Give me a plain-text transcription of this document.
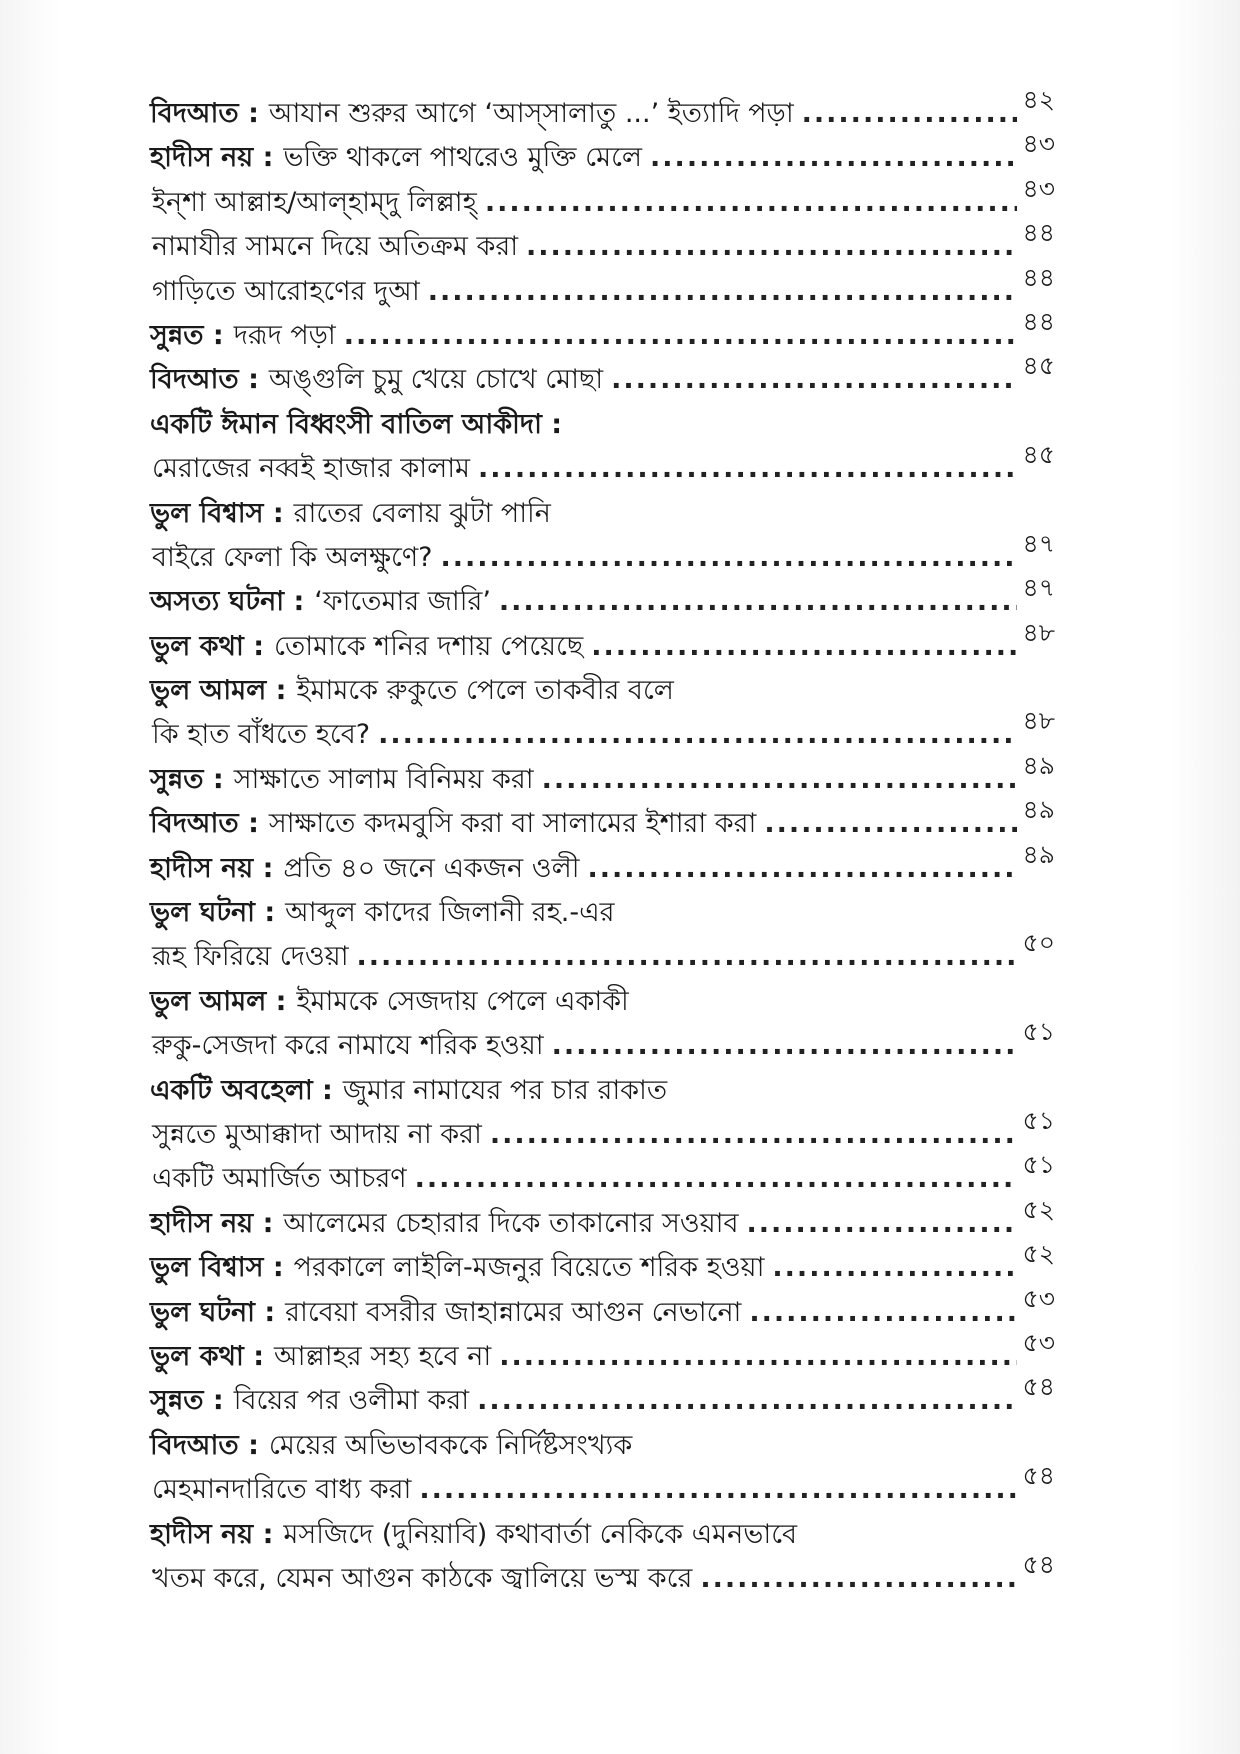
বিদআত : আযান শুরুর আগে ‘আস্‌সালাতু ...’ ইত্যাদি পড়া .....	৪২
হাদীস নয় : ভক্তি থাকলে পাথরেও মুক্তি মেলে .....	৪৩
ইন্‌শা আল্লাহ/আল্‌হাম্‌দু লিল্লাহ্‌ .....	৪৩
নামাযীর সামনে দিয়ে অতিক্রম করা .....	৪৪
গাড়িতে আরোহণের দুআ .....	৪৪
সুন্নত : দরূদ পড়া .....	৪৪
বিদআত : অঙ্গুলি চুমু খেয়ে চোখে মোছা .....	৪৫
একটি ঈমান বিধ্বংসী বাতিল আকীদা :
মেরাজের নব্বই হাজার কালাম .....	৪৫
ভুল বিশ্বাস : রাতের বেলায় ঝুটা পানি
বাইরে ফেলা কি অলক্ষুণে? .....	৪৭
অসত্য ঘটনা : ‘ফাতেমার জারি’ .....	৪৭
ভুল কথা : তোমাকে শনির দশায় পেয়েছে .....	৪৮
ভুল আমল : ইমামকে রুকুতে পেলে তাকবীর বলে
কি হাত বাঁধতে হবে? .....	৪৮
সুন্নত : সাক্ষাতে সালাম বিনিময় করা .....	৪৯
বিদআত : সাক্ষাতে কদমবুসি করা বা সালামের ইশারা করা .....	৪৯
হাদীস নয় : প্রতি ৪০ জনে একজন ওলী .....	৪৯
ভুল ঘটনা : আব্দুল কাদের জিলানী রহ.-এর
রূহ ফিরিয়ে দেওয়া .....	৫০
ভুল আমল : ইমামকে সেজদায় পেলে একাকী
রুকু-সেজদা করে নামাযে শরিক হওয়া .....	৫১
একটি অবহেলা : জুমার নামাযের পর চার রাকাত
সুন্নতে মুআক্কাদা আদায় না করা .....	৫১
একটি অমার্জিত আচরণ .....	৫১
হাদীস নয় : আলেমের চেহারার দিকে তাকানোর সওয়াব .....	৫২
ভুল বিশ্বাস : পরকালে লাইলি-মজনুর বিয়েতে শরিক হওয়া .....	৫২
ভুল ঘটনা : রাবেয়া বসরীর জাহান্নামের আগুন নেভানো .....	৫৩
ভুল কথা : আল্লাহর সহ্য হবে না .....	৫৩
সুন্নত : বিয়ের পর ওলীমা করা .....	৫৪
বিদআত : মেয়ের অভিভাবককে নির্দিষ্টসংখ্যক
মেহমানদারিতে বাধ্য করা .....	৫৪
হাদীস নয় : মসজিদে (দুনিয়াবি) কথাবার্তা নেকিকে এমনভাবে
খতম করে, যেমন আগুন কাঠকে জ্বালিয়ে ভস্ম করে .....	৫৪
